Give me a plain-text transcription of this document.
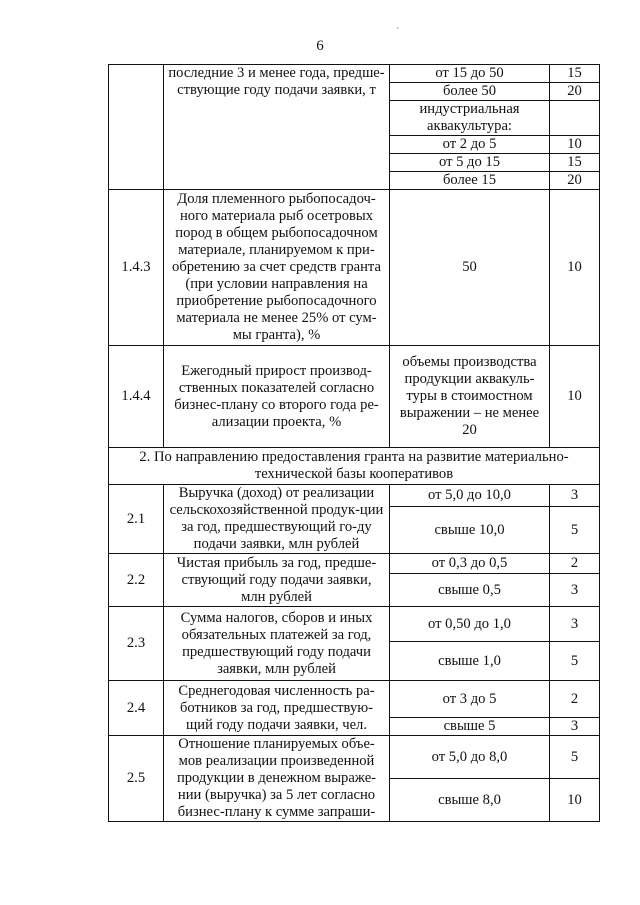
6
ˋ
	последние 3 и менее года, предше-ствующие году подачи заявки, т	от 15 до 50	15
		более 50	20
		индустриальная аквакультура:	
		от 2 до 5	10
		от 5 до 15	15
		более 15	20
1.4.3	Доля племенного рыбопосадоч-ного материала рыб осетровых пород в общем рыбопосадочном материале, планируемом к при-обретению за счет средств гранта (при условии направления на приобретение рыбопосадочного материала не менее 25% от сум-мы гранта), %	50	10
1.4.4	Ежегодный прирост производ-ственных показателей согласно бизнес-плану со второго года ре-ализации проекта, %	объемы производства продукции аквакуль-туры в стоимостном выражении – не менее 20	10
2. По направлению предоставления гранта на развитие материально-технической базы кооперативов			
2.1	Выручка (доход) от реализации сельскохозяйственной продук-ции за год, предшествующий го-ду подачи заявки, млн рублей	от 5,0 до 10,0	3
		свыше 10,0	5
2.2	Чистая прибыль за год, предше-ствующий году подачи заявки, млн рублей	от 0,3 до 0,5	2
		свыше 0,5	3
2.3	Сумма налогов, сборов и иных обязательных платежей за год, предшествующий году подачи заявки, млн рублей	от 0,50 до 1,0	3
		свыше 1,0	5
2.4	Среднегодовая численность ра-ботников за год, предшествую-щий году подачи заявки, чел.	от 3 до 5	2
		свыше 5	3
2.5	Отношение планируемых объе-мов реализации произведенной продукции в денежном выраже-нии (выручка) за 5 лет согласно бизнес-плану к сумме запраши-	от 5,0 до 8,0	5
		свыше 8,0	10
